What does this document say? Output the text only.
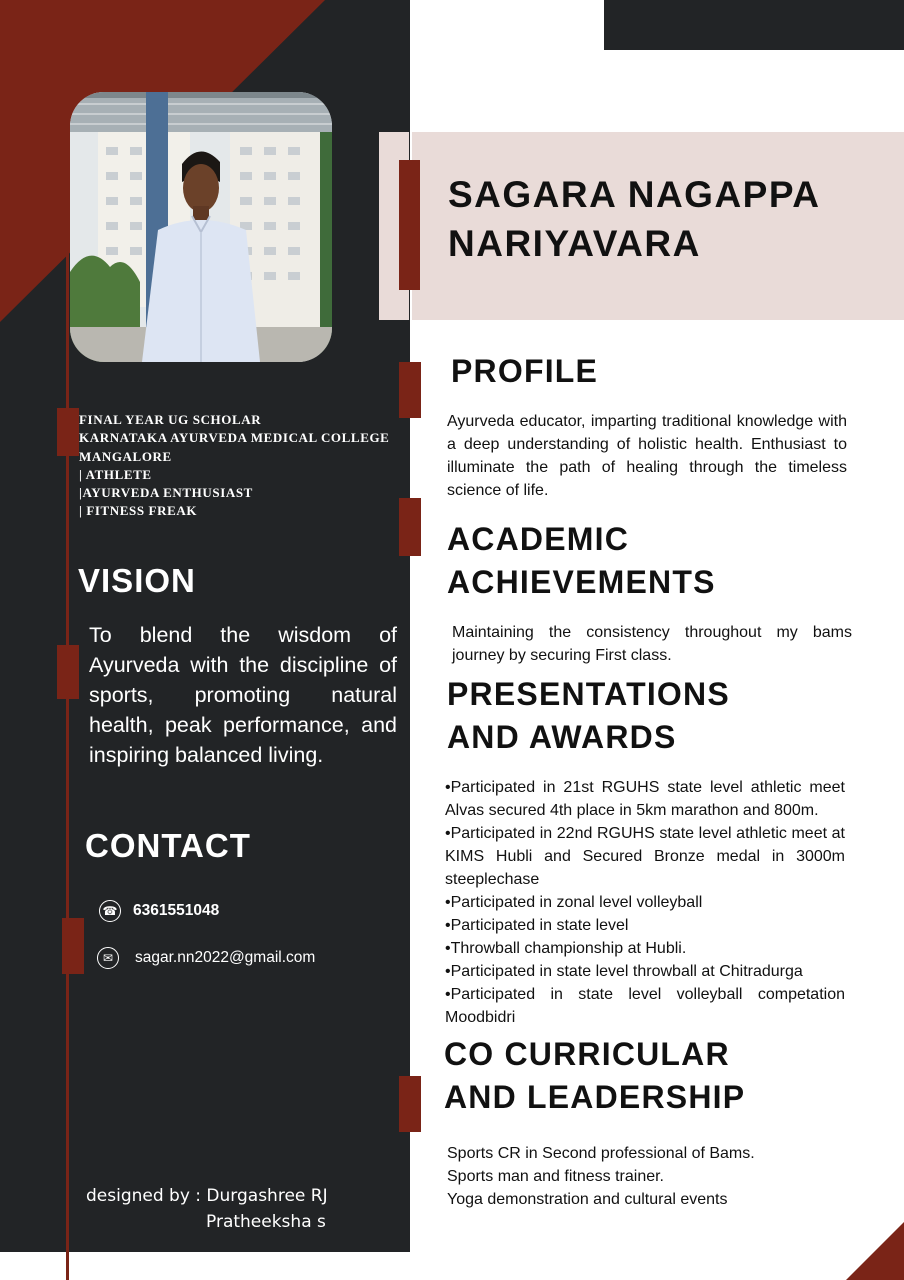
FINAL YEAR UG SCHOLAR
KARNATAKA AYURVEDA MEDICAL COLLEGE
MANGALORE
| ATHLETE
|AYURVEDA ENTHUSIAST
| FITNESS FREAK
VISION
To blend the wisdom of Ayurveda with the discipline of sports, promoting natural health, peak performance, and inspiring balanced living.
CONTACT
☎ 6361551048
✉	sagar.nn2022@gmail.com
designed by : Durgashree RJ
Pratheeksha s
SAGARA NAGAPPA
NARIYAVARA
PROFILE
Ayurveda educator, imparting traditional knowledge with a deep understanding of holistic health. Enthusiast to illuminate the path of healing through the timeless science of life.
ACADEMIC
ACHIEVEMENTS
Maintaining the consistency throughout my bams journey by securing First class.
PRESENTATIONS
AND AWARDS
•Participated in 21st RGUHS state level athletic meet Alvas secured 4th place in 5km marathon and 800m.
•Participated in 22nd RGUHS state level athletic meet at KIMS Hubli and Secured Bronze medal in 3000m steeplechase
•Participated in zonal level volleyball
•Participated in state level
•Throwball championship at Hubli.
•Participated in state level throwball at Chitradurga
•Participated in state level volleyball competation Moodbidri
CO CURRICULAR
AND LEADERSHIP
Sports CR in Second professional of Bams.
Sports man and fitness trainer.
Yoga demonstration and cultural events
